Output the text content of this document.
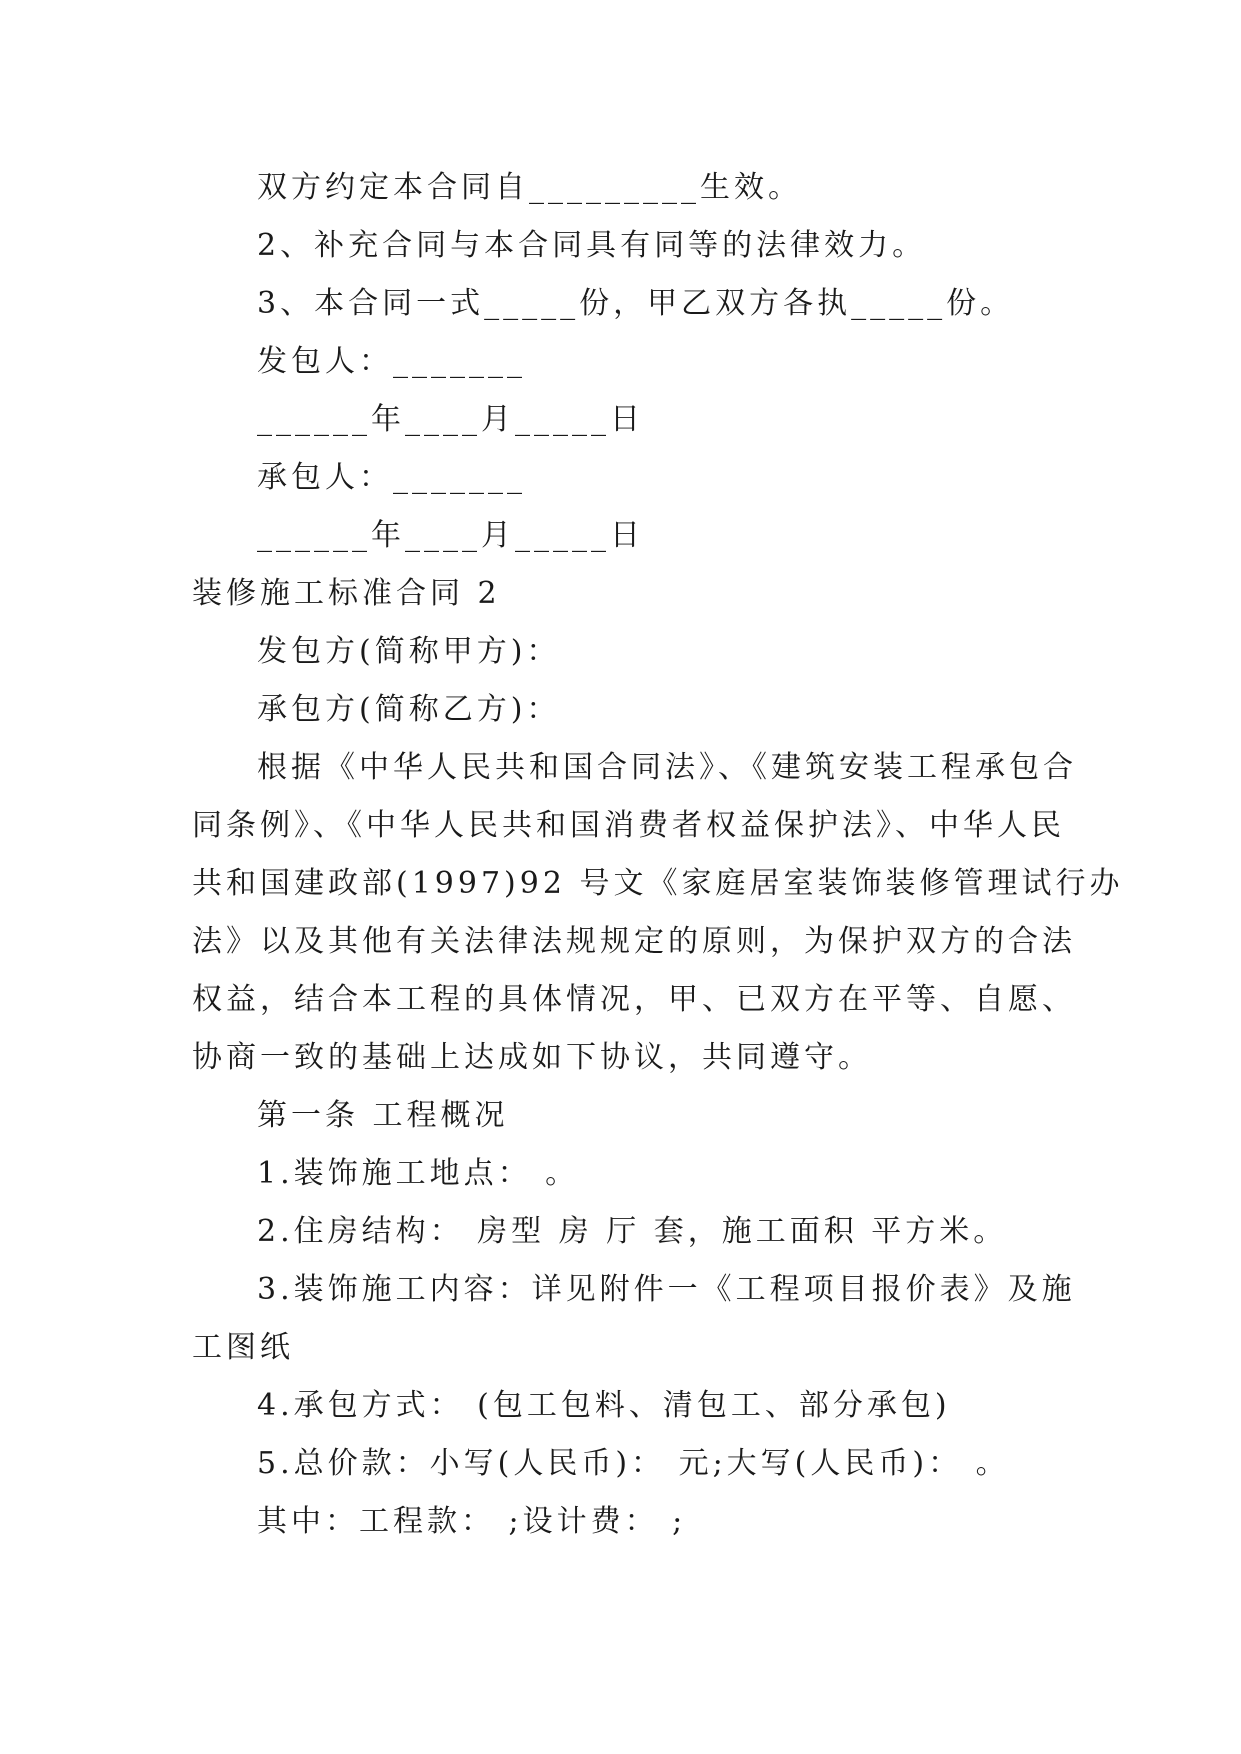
双方约定本合同自_________生效。
2、补充合同与本合同具有同等的法律效力。
3、本合同一式_____份，甲乙双方各执_____份。
发包人：_______
______年____月_____日
承包人：_______
______年____月_____日
装修施工标准合同 2
发包方(简称甲方)：
承包方(简称乙方)：
根据《中华人民共和国合同法》、《建筑安装工程承包合
同条例》、《中华人民共和国消费者权益保护法》、中华人民
共和国建政部(1997)92 号文《家庭居室装饰装修管理试行办
法》以及其他有关法律法规规定的原则，为保护双方的合法
权益，结合本工程的具体情况，甲、已双方在平等、自愿、
协商一致的基础上达成如下协议，共同遵守。
第一条 工程概况
1.装饰施工地点： 。
2.住房结构： 房型 房 厅 套，施工面积 平方米。
3.装饰施工内容：详见附件一《工程项目报价表》及施
工图纸
4.承包方式： (包工包料、清包工、部分承包)
5.总价款：小写(人民币)： 元;大写(人民币)： 。
其中：工程款： ;设计费： ;
